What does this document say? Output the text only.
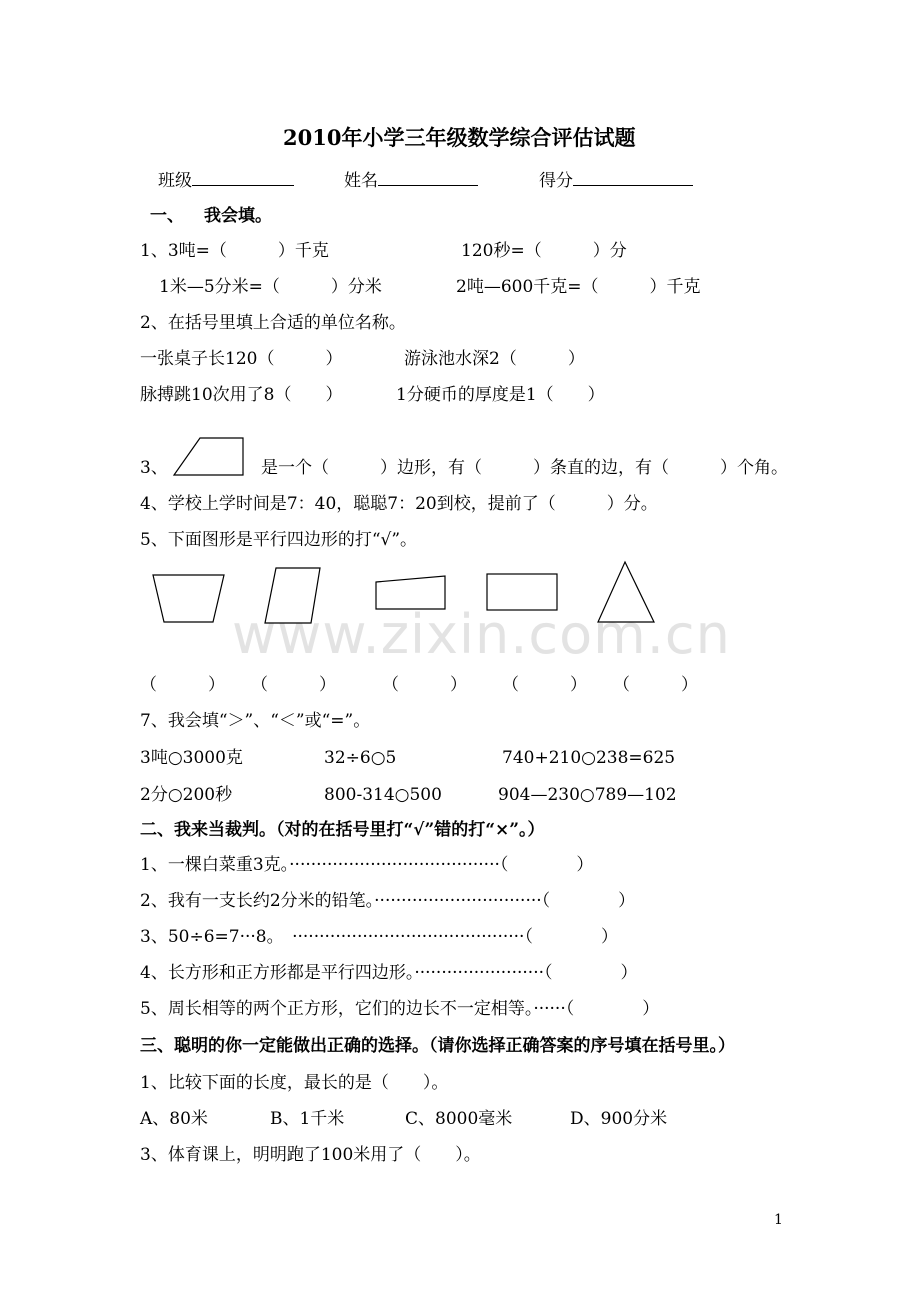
www.zixin.com.cn
2010年小学三年级数学综合评估试题
班级	姓名	得分
一、 我会填。
1、3吨=（　　　）千克	120秒=（　　　）分
1米—5分米=（　　　）分米	2吨—600千克=（　　　）千克
2、在括号里填上合适的单位名称。
一张桌子长120（　　　）	游泳池水深2（　　　）
脉搏跳10次用了8（　　）	1分硬币的厚度是1（　　）
3、	是一个（　　　）边形，有（　　　）条直的边，有（　　　）个角。
4、学校上学时间是7：40，聪聪7：20到校，提前了（　　　）分。
5、下面图形是平行四边形的打“√”。
（　　　） （　　　）	（　　　） （　　　） （　　　）
7、我会填“＞”、“＜”或“=”。
3吨○3000克	32÷6○5	740+210○238=625
2分○200秒	800-314○500	904—230○789—102
二、我来当裁判。（对的在括号里打“√”错的打“×”。）
1、一棵白菜重3克。·······································（　　　　）
2、我有一支长约2分米的铅笔。·······························（　　　　）
3、50÷6=7···8。　···········································（　　　　）
4、长方形和正方形都是平行四边形。························（　　　　）
5、周长相等的两个正方形，它们的边长不一定相等。······（　　　　）
三、聪明的你一定能做出正确的选择。（请你选择正确答案的序号填在括号里。）
1、比较下面的长度，最长的是（　　）。
A、80米	B、1千米	C、8000毫米	D、900分米
3、体育课上，明明跑了100米用了（　　）。
1
